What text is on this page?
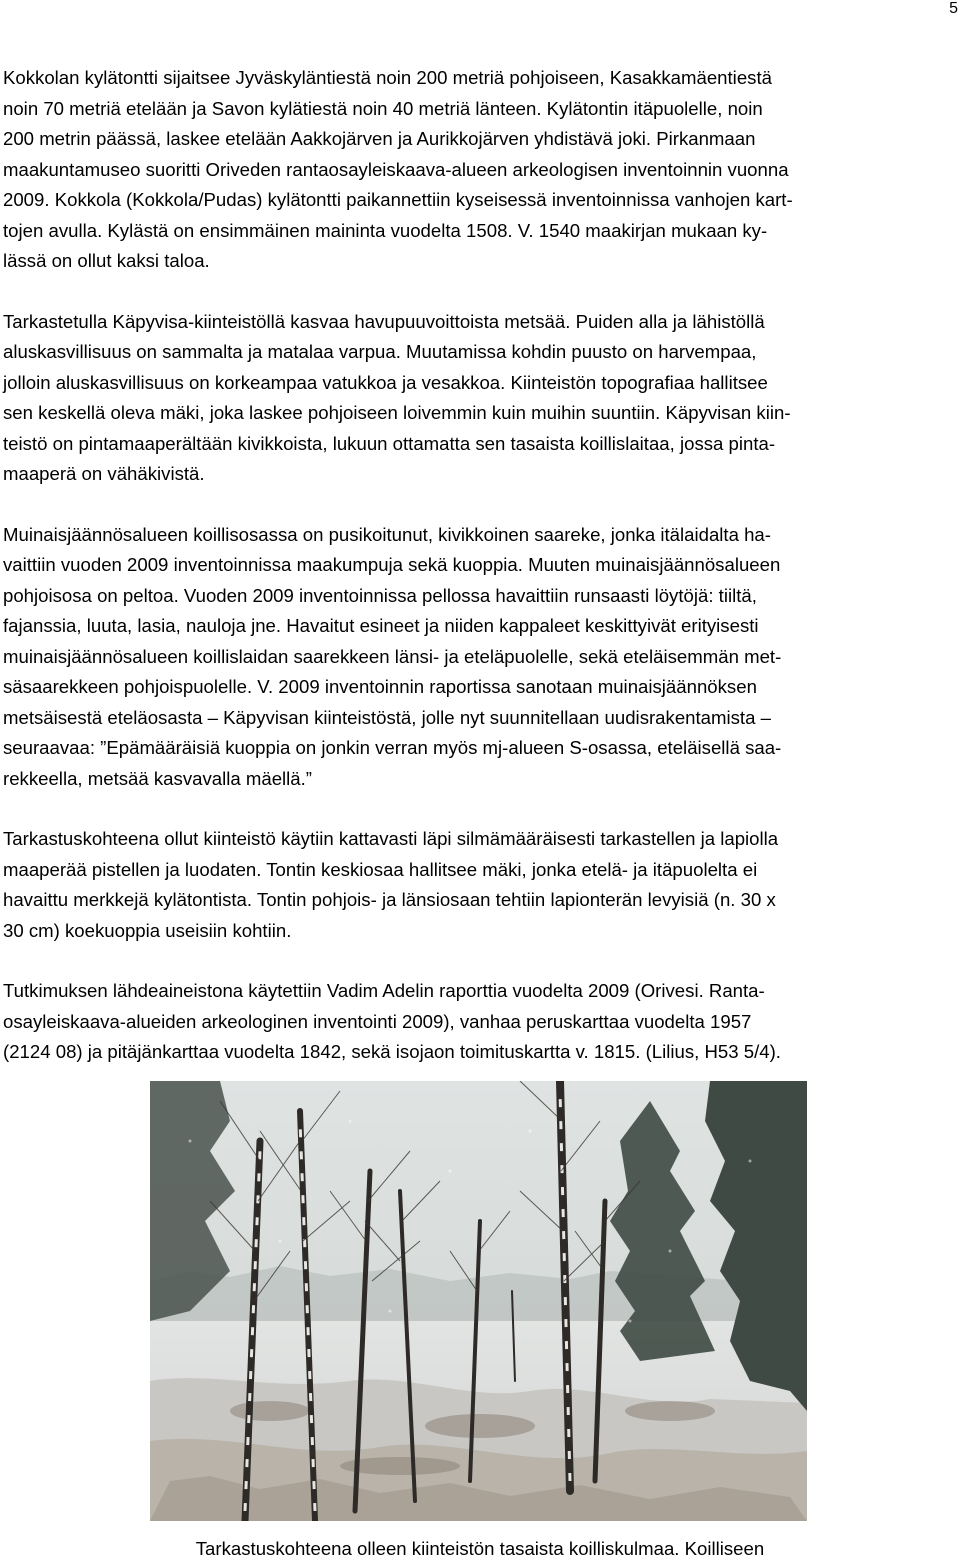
5

Kokkolan kylätontti sijaitsee Jyväskyläntiestä noin 200 metriä pohjoiseen, Kasakkamäentiestä
noin 70 metriä etelään ja Savon kylätiestä noin 40 metriä länteen. Kylätontin itäpuolelle, noin
200 metrin päässä, laskee etelään Aakkojärven ja Aurikkojärven yhdistävä joki. Pirkanmaan
maakuntamuseo suoritti Oriveden rantaosayleiskaava-alueen arkeologisen inventoinnin vuonna
2009. Kokkola (Kokkola/Pudas) kylätontti paikannettiin kyseisessä inventoinnissa vanhojen kart-
tojen avulla. Kylästä on ensimmäinen maininta vuodelta 1508. V. 1540 maakirjan mukaan ky-
lässä on ollut kaksi taloa.

Tarkastetulla Käpyvisa-kiinteistöllä kasvaa havupuuvoittoista metsää. Puiden alla ja lähistöllä
aluskasvillisuus on sammalta ja matalaa varpua. Muutamissa kohdin puusto on harvempaa,
jolloin aluskasvillisuus on korkeampaa vatukkoa ja vesakkoa. Kiinteistön topografiaa hallitsee
sen keskellä oleva mäki, joka laskee pohjoiseen loivemmin kuin muihin suuntiin. Käpyvisan kiin-
teistö on pintamaaperältään kivikkoista, lukuun ottamatta sen tasaista koillislaitaa, jossa pinta-
maaperä on vähäkivistä.

Muinaisjäännösalueen koillisosassa on pusikoitunut, kivikkoinen saareke, jonka itälaidalta ha-
vaittiin vuoden 2009 inventoinnissa maakumpuja sekä kuoppia. Muuten muinaisjäännösalueen
pohjoisosa on peltoa. Vuoden 2009 inventoinnissa pellossa havaittiin runsaasti löytöjä: tiiltä,
fajanssia, luuta, lasia, nauloja jne. Havaitut esineet ja niiden kappaleet keskittyivät erityisesti
muinaisjäännösalueen koillislaidan saarekkeen länsi- ja eteläpuolelle, sekä eteläisemmän met-
säsaarekkeen pohjoispuolelle. V. 2009 inventoinnin raportissa sanotaan muinaisjäännöksen
metsäisestä eteläosasta – Käpyvisan kiinteistöstä, jolle nyt suunnitellaan uudisrakentamista –
seuraavaa: ”Epämääräisiä kuoppia on jonkin verran myös mj-alueen S-osassa, eteläisellä saa-
rekkeella, metsää kasvavalla mäellä.”

Tarkastuskohteena ollut kiinteistö käytiin kattavasti läpi silmämääräisesti tarkastellen ja lapiolla
maaperää pistellen ja luodaten. Tontin keskiosaa hallitsee mäki, jonka etelä- ja itäpuolelta ei
havaittu merkkejä kylätontista. Tontin pohjois- ja länsiosaan tehtiin lapionterän levyisiä (n. 30 x
30 cm) koekuoppia useisiin kohtiin.

Tutkimuksen lähdeaineistona käytettiin Vadim Adelin raporttia vuodelta 2009 (Orivesi. Ranta-
osayleiskaava-alueiden arkeologinen inventointi 2009), vanhaa peruskarttaa vuodelta 1957
(2124 08) ja pitäjänkarttaa vuodelta 1842, sekä isojaon toimituskartta v. 1815. (Lilius, H53 5/4).

Tarkastuskohteena olleen kiinteistön tasaista koilliskulmaa. Koilliseen
